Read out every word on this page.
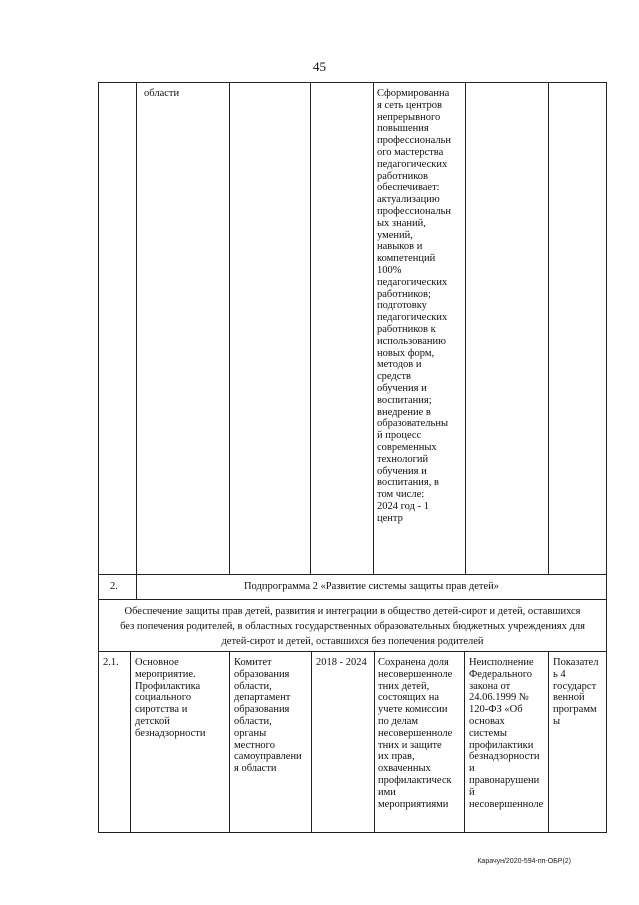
45
области	Сформированна
я сеть центров
непрерывного
повышения
профессиональн
ого мастерства
педагогических
работников
обеспечивает:
актуализацию
профессиональн
ых знаний,
умений,
навыков и
компетенций
100%
педагогических
работников;
подготовку
педагогических
работников к
использованию
новых форм,
методов и
средств
обучения и
воспитания;
внедрение в
образовательны
й процесс
современных
технологий
обучения и
воспитания, в
том числе:
2024 год - 1
центр
2.	Подпрограмма 2 «Развитие системы защиты прав детей»
Обеспечение защиты прав детей, развития и интеграции в общество детей-сирот и детей, оставшихся
без попечения родителей, в областных государственных образовательных бюджетных учреждениях для
детей-сирот и детей, оставшихся без попечения родителей
2.1. Основное
мероприятие.
Профилактика
социального
сиротства и
детской
безнадзорности
Комитет
образования
области,
департамент
образования
области,
органы
местного
самоуправлени
я области
2018 - 2024 Сохранена доля
несовершенноле
тних детей,
состоящих на
учете комиссии
по делам
несовершенноле
тних и защите
их прав,
охваченных
профилактическ
ими
мероприятиями
Неисполнение
Федерального
закона от
24.06.1999 №
120-ФЗ «Об
основах
системы
профилактики
безнадзорности
и
правонарушени
й
несовершенноле
Показател
ь 4
государст
венной
программ
ы
Карачун/2020-594-пп-ОБР(2)
